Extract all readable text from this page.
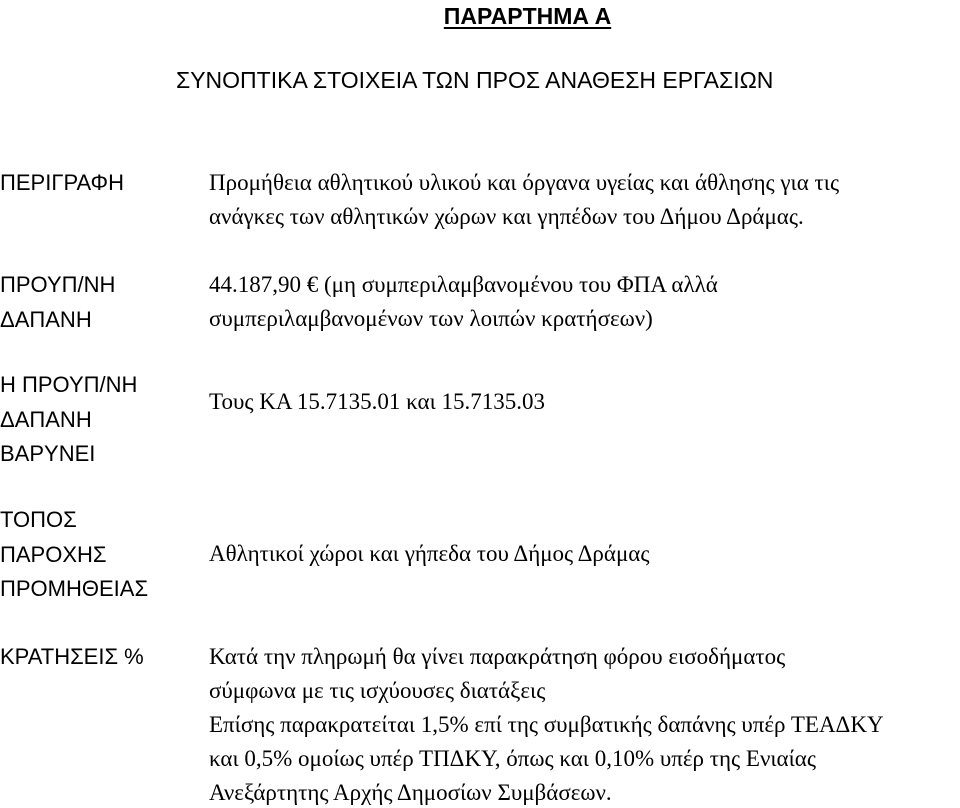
ΠΑΡΑΡΤΗΜΑ Α
ΣΥΝΟΠΤΙΚΑ ΣΤΟΙΧΕΙΑ ΤΩΝ ΠΡΟΣ ΑΝΑΘΕΣΗ ΕΡΓΑΣΙΩΝ
ΠΕΡΙΓΡΑΦΗ	Προμήθεια αθλητικού υλικού και όργανα υγείας και άθλησης για τις
ανάγκες των αθλητικών χώρων και γηπέδων του Δήμου Δράμας.
ΠΡΟΥΠ/ΝΗ
ΔΑΠΑΝΗ
44.187,90 € (μη συμπεριλαμβανομένου του ΦΠΑ αλλά
συμπεριλαμβανομένων των λοιπών κρατήσεων)
Η ΠΡΟΥΠ/ΝΗ
ΔΑΠΑΝΗ
ΒΑΡΥΝΕΙ
Τους ΚΑ 15.7135.01 και 15.7135.03
ΤΟΠΟΣ
ΠΑΡΟΧΗΣ
ΠΡΟΜΗΘΕΙΑΣ
Αθλητικοί χώροι και γήπεδα του Δήμος Δράμας
ΚΡΑΤΗΣΕΙΣ %	Κατά την πληρωμή θα γίνει παρακράτηση φόρου εισοδήματος
σύμφωνα με τις ισχύουσες διατάξεις
Επίσης παρακρατείται 1,5% επί της συμβατικής δαπάνης υπέρ ΤΕΑΔΚΥ
και 0,5% ομοίως υπέρ ΤΠΔΚΥ, όπως και 0,10% υπέρ της Ενιαίας
Ανεξάρτητης Αρχής Δημοσίων Συμβάσεων.
